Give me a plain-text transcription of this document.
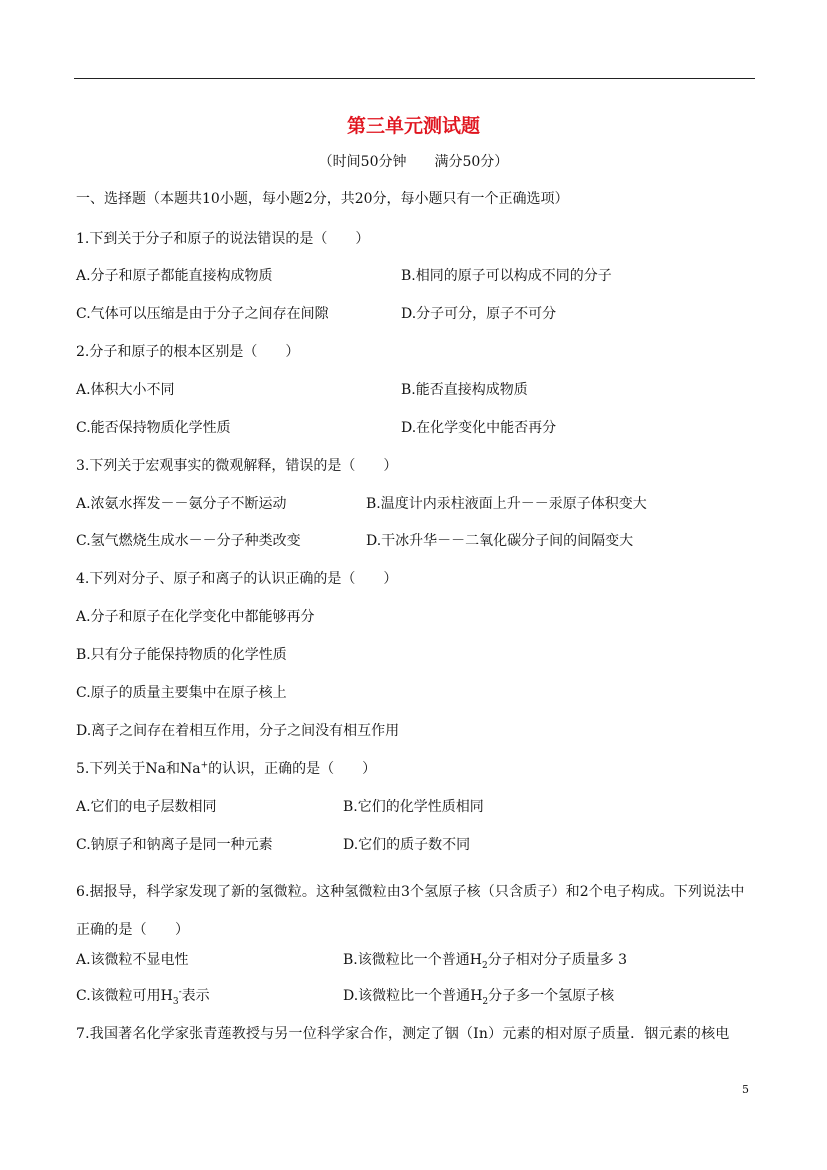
第三单元测试题
（时间50分钟　　满分50分）
一、选择题（本题共10小题，每小题2分，共20分，每小题只有一个正确选项）
1.下到关于分子和原子的说法错误的是（　　）
A.分子和原子都能直接构成物质	B.相同的原子可以构成不同的分子
C.气体可以压缩是由于分子之间存在间隙	D.分子可分，原子不可分
2.分子和原子的根本区别是（　　）
A.体积大小不同	B.能否直接构成物质
C.能否保持物质化学性质	D.在化学变化中能否再分
3.下列关于宏观事实的微观解释，错误的是（　　）
A.浓氨水挥发－－氨分子不断运动	B.温度计内汞柱液面上升－－汞原子体积变大
C.氢气燃烧生成水－－分子种类改变	D.干冰升华－－二氧化碳分子间的间隔变大
4.下列对分子、原子和离子的认识正确的是（　　）
A.分子和原子在化学变化中都能够再分
B.只有分子能保持物质的化学性质
C.原子的质量主要集中在原子核上
D.离子之间存在着相互作用，分子之间没有相互作用
5.下列关于Na和Na+的认识，正确的是（　　）
A.它们的电子层数相同	B.它们的化学性质相同
C.钠原子和钠离子是同一种元素	D.它们的质子数不同
6.据报导，科学家发现了新的氢微粒。这种氢微粒由3个氢原子核（只含质子）和2个电子构成。下列说法中正确的是（　　）
A.该微粒不显电性	B.该微粒比一个普通$H_2$分子相对分子质量多 3
C.该微粒可用$H_3^-$表示	D.该微粒比一个普通$H_2$分子多一个氢原子核
7.我国著名化学家张青莲教授与另一位科学家合作，测定了铟（In）元素的相对原子质量．铟元素的核电
5
